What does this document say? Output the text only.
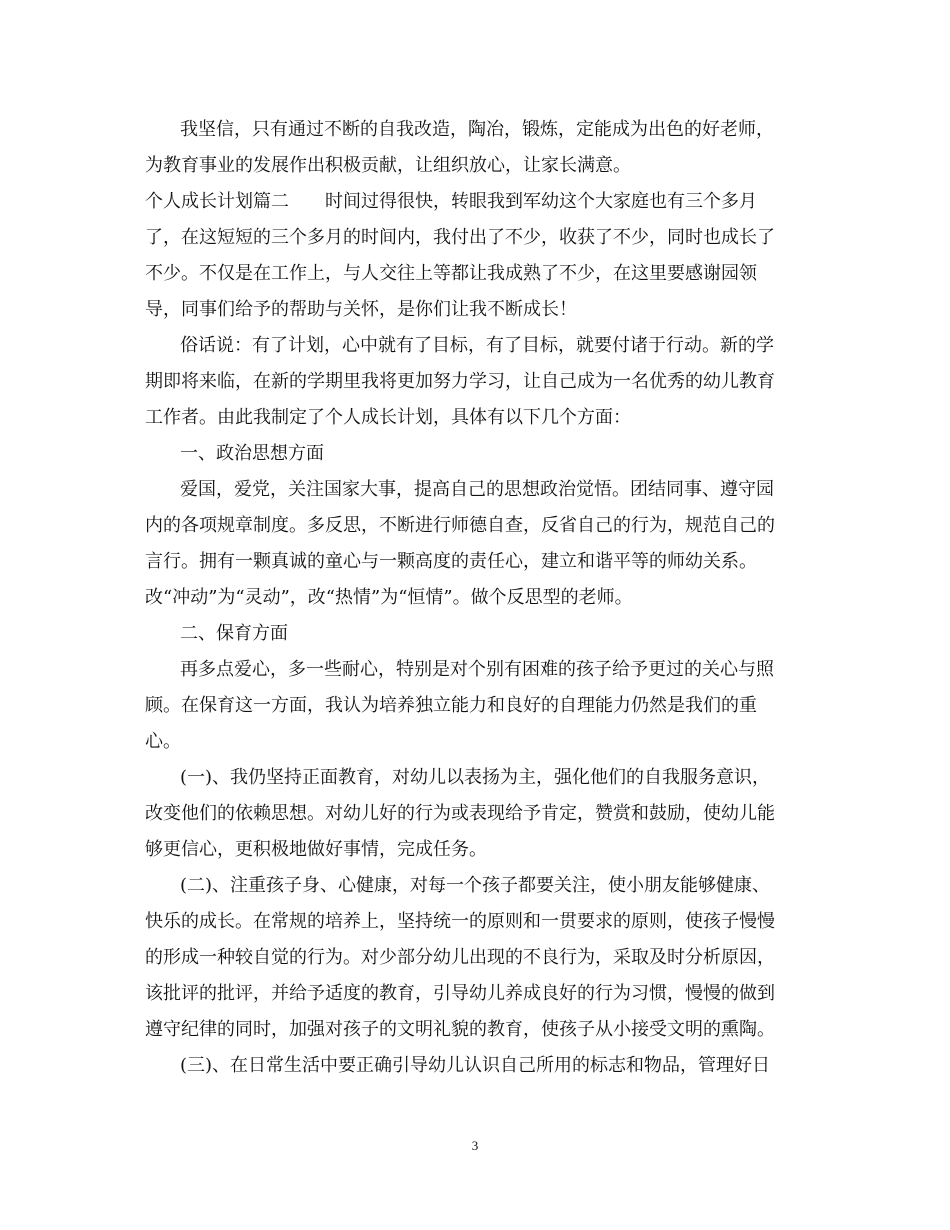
我坚信，只有通过不断的自我改造，陶冶，锻炼，定能成为出色的好老师，
为教育事业的发展作出积极贡献，让组织放心，让家长满意。
个人成长计划篇二　　时间过得很快，转眼我到军幼这个大家庭也有三个多月
了，在这短短的三个多月的时间内，我付出了不少，收获了不少，同时也成长了
不少。不仅是在工作上，与人交往上等都让我成熟了不少，在这里要感谢园领
导，同事们给予的帮助与关怀，是你们让我不断成长！
俗话说：有了计划，心中就有了目标，有了目标，就要付诸于行动。新的学
期即将来临，在新的学期里我将更加努力学习，让自己成为一名优秀的幼儿教育
工作者。由此我制定了个人成长计划，具体有以下几个方面：
一、政治思想方面
爱国，爱党，关注国家大事，提高自己的思想政治觉悟。团结同事、遵守园
内的各项规章制度。多反思，不断进行师德自查，反省自己的行为，规范自己的
言行。拥有一颗真诚的童心与一颗高度的责任心，建立和谐平等的师幼关系。
改“冲动”为“灵动”，改“热情”为“恒情”。做个反思型的老师。
二、保育方面
再多点爱心，多一些耐心，特别是对个别有困难的孩子给予更过的关心与照
顾。在保育这一方面，我认为培养独立能力和良好的自理能力仍然是我们的重
心。
(一)、我仍坚持正面教育，对幼儿以表扬为主，强化他们的自我服务意识，
改变他们的依赖思想。对幼儿好的行为或表现给予肯定，赞赏和鼓励，使幼儿能
够更信心，更积极地做好事情，完成任务。
(二)、注重孩子身、心健康，对每一个孩子都要关注，使小朋友能够健康、
快乐的成长。在常规的培养上，坚持统一的原则和一贯要求的原则，使孩子慢慢
的形成一种较自觉的行为。对少部分幼儿出现的不良行为，采取及时分析原因，
该批评的批评，并给予适度的教育，引导幼儿养成良好的行为习惯，慢慢的做到
遵守纪律的同时，加强对孩子的文明礼貌的教育，使孩子从小接受文明的熏陶。
(三)、在日常生活中要正确引导幼儿认识自己所用的标志和物品，管理好日
3
